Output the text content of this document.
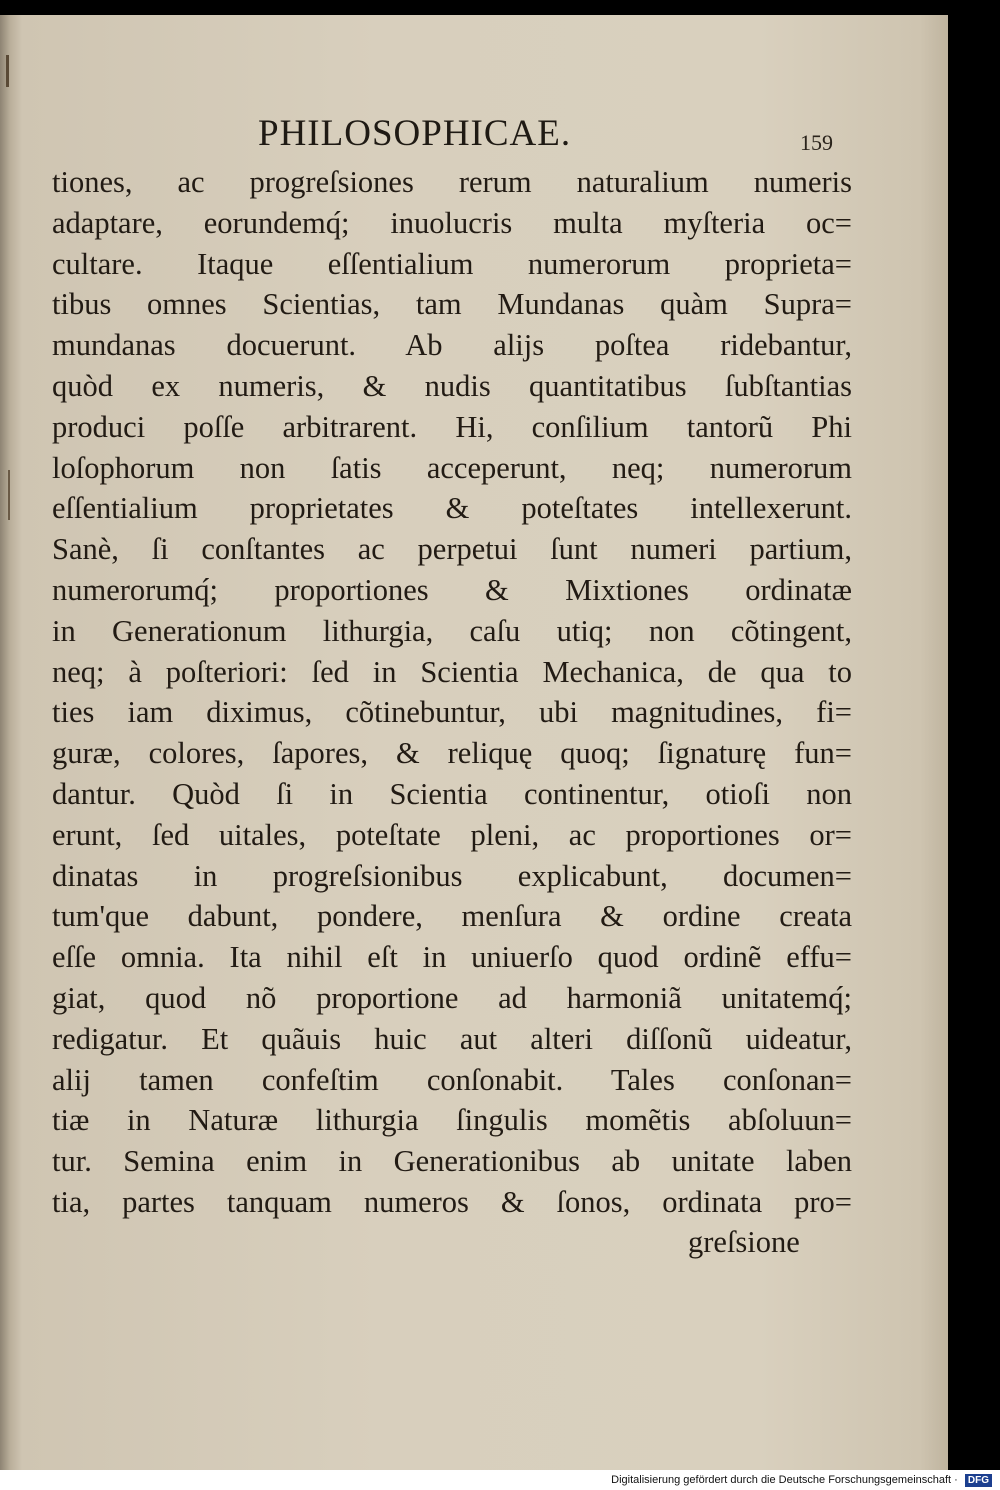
PHILOSOPHICAE.	159
tiones, ac progreſsiones rerum naturalium numeris
adaptare, eorundemq́; inuolucris multa myſteria oc=
cultare. Itaque eſſentialium numerorum proprieta=
tibus omnes Scientias, tam Mundanas quàm Supra=
mundanas docuerunt. Ab alijs poſtea ridebantur,
quòd ex numeris, & nudis quantitatibus ſubſtantias
produci poſſe arbitrarent. Hi, conſilium tantorũ Phi
loſophorum non ſatis acceperunt, neq; numerorum
eſſentialium proprietates & poteſtates intellexerunt.
Sanè, ſi conſtantes ac perpetui ſunt numeri partium,
numerorumq́; proportiones & Mixtiones ordinatæ
in Generationum lithurgia, caſu utiq; non cõtingent,
neq; à poſteriori: ſed in Scientia Mechanica, de qua to
ties iam diximus, cõtinebuntur, ubi magnitudines, fi=
guræ, colores, ſapores, & reliquę quoq; ſignaturę fun=
dantur. Quòd ſi in Scientia continentur, otioſi non
erunt, ſed uitales, poteſtate pleni, ac proportiones or=
dinatas in progreſsionibus explicabunt, documen=
tum'que dabunt, pondere, menſura & ordine creata
eſſe omnia. Ita nihil eſt in uniuerſo quod ordinẽ effu=
giat, quod nõ proportione ad harmoniã unitatemq́;
redigatur. Et quãuis huic aut alteri diſſonũ uideatur,
alij tamen confeſtim conſonabit. Tales conſonan=
tiæ in Naturæ lithurgia ſingulis momẽtis abſoluun=
tur. Semina enim in Generationibus ab unitate laben
tia, partes tanquam numeros & ſonos, ordinata pro=
greſsione
Digitalisierung gefördert durch die Deutsche Forschungsgemeinschaft · DFG
